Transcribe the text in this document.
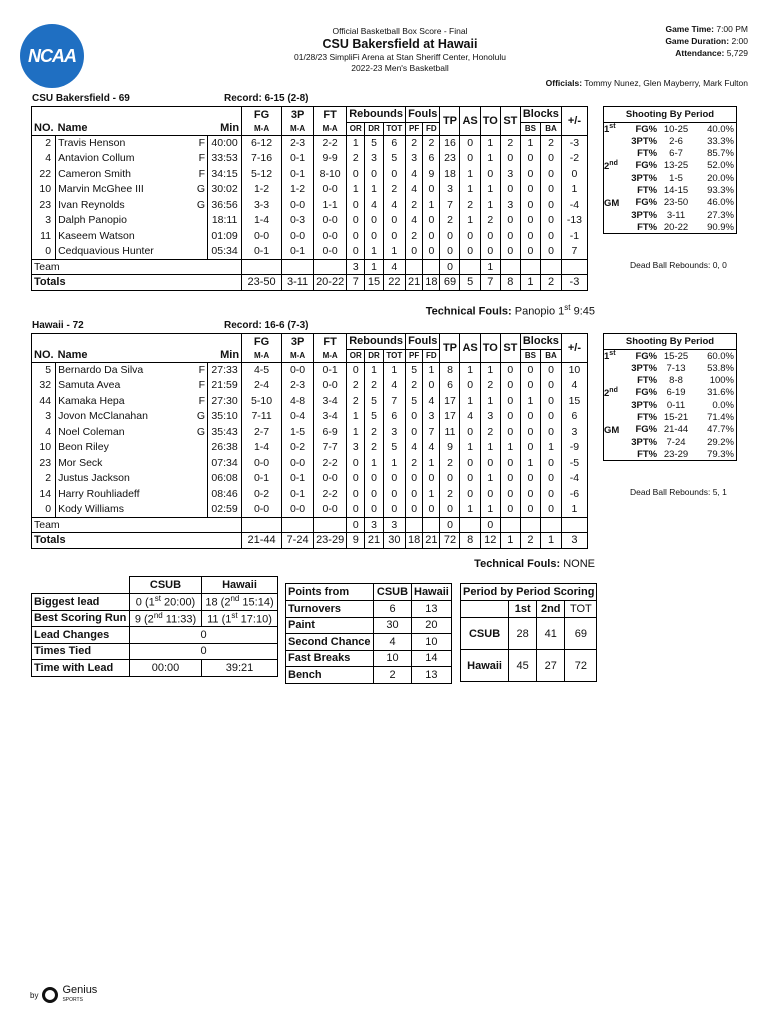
NCAA
Official Basketball Box Score - Final
CSU Bakersfield at Hawaii
01/28/23 SimpliFi Arena at Stan Sheriff Center, Honolulu
2022-23 Men's Basketball
Game Time: 7:00 PM
Game Duration: 2:00
Attendance: 5,729
Officials: Tommy Nunez, Glen Mayberry, Mark Fulton
CSU Bakersfield - 69	Record: 6-15 (2-8)
				FG	3P	FT	Rebounds			Fouls		TP	AS	TO	ST	Blocks		+/-
NO.	Name		Min	M-A	M-A	M-A	OR	DR	TOT	PF	FD					BS	BA	
2	Travis Henson	F	40:00	6-12	2-3	2-2	1	5	6	2	2	16	0	1	2	1	2	-3
4	Antavion Collum	F	33:53	7-16	0-1	9-9	2	3	5	3	6	23	0	1	0	0	0	-2
22	Cameron Smith	F	34:15	5-12	0-1	8-10	0	0	0	4	9	18	1	0	3	0	0	0
10	Marvin McGhee III	G	30:02	1-2	1-2	0-0	1	1	2	4	0	3	1	1	0	0	0	1
23	Ivan Reynolds	G	36:56	3-3	0-0	1-1	0	4	4	2	1	7	2	1	3	0	0	-4
3	Dalph Panopio		18:11	1-4	0-3	0-0	0	0	0	4	0	2	1	2	0	0	0	-13
11	Kaseem Watson		01:09	0-0	0-0	0-0	0	0	0	2	0	0	0	0	0	0	0	-1
0	Cedquavious Hunter		05:34	0-1	0-1	0-0	0	1	1	0	0	0	0	0	0	0	0	7
Team							3	1	4			0		1				
Totals				23-50	3-11	20-22	7	15	22	21	18	69	5	7	8	1	2	-3
Shooting By Period			
1st	FG%	10-25	40.0%
	3PT%	2-6	33.3%
	FT%	6-7	85.7%
2nd	FG%	13-25	52.0%
	3PT%	1-5	20.0%
	FT%	14-15	93.3%
GM	FG%	23-50	46.0%
	3PT%	3-11	27.3%
	FT%	20-22	90.9%
Dead Ball Rebounds: 0, 0
Technical Fouls: Panopio 1st 9:45
Hawaii - 72	Record: 16-6 (7-3)
				FG	3P	FT	Rebounds			Fouls		TP	AS	TO	ST	Blocks		+/-
NO.	Name		Min	M-A	M-A	M-A	OR	DR	TOT	PF	FD					BS	BA	
5	Bernardo Da Silva	F	27:33	4-5	0-0	0-1	0	1	1	5	1	8	1	1	0	0	0	10
32	Samuta Avea	F	21:59	2-4	2-3	0-0	2	2	4	2	0	6	0	2	0	0	0	4
44	Kamaka Hepa	F	27:30	5-10	4-8	3-4	2	5	7	5	4	17	1	1	0	1	0	15
3	Jovon McClanahan	G	35:10	7-11	0-4	3-4	1	5	6	0	3	17	4	3	0	0	0	6
4	Noel Coleman	G	35:43	2-7	1-5	6-9	1	2	3	0	7	11	0	2	0	0	0	3
10	Beon Riley		26:38	1-4	0-2	7-7	3	2	5	4	4	9	1	1	1	0	1	-9
23	Mor Seck		07:34	0-0	0-0	2-2	0	1	1	2	1	2	0	0	0	1	0	-5
2	Justus Jackson		06:08	0-1	0-1	0-0	0	0	0	0	0	0	0	1	0	0	0	-4
14	Harry Rouhliadeff		08:46	0-2	0-1	2-2	0	0	0	0	1	2	0	0	0	0	0	-6
0	Kody Williams		02:59	0-0	0-0	0-0	0	0	0	0	0	0	1	1	0	0	0	1
Team							0	3	3			0		0				
Totals				21-44	7-24	23-29	9	21	30	18	21	72	8	12	1	2	1	3
Shooting By Period			
1st	FG%	15-25	60.0%
	3PT%	7-13	53.8%
	FT%	8-8	100%
2nd	FG%	6-19	31.6%
	3PT%	0-11	0.0%
	FT%	15-21	71.4%
GM	FG%	21-44	47.7%
	3PT%	7-24	29.2%
	FT%	23-29	79.3%
Dead Ball Rebounds: 5, 1
Technical Fouls: NONE
	CSUB	Hawaii
Biggest lead	0 (1st 20:00)	18 (2nd 15:14)
Best Scoring Run	9 (2nd 11:33)	11 (1st 17:10)
Lead Changes	0	
Times Tied	0	
Time with Lead	00:00	39:21
Points from	CSUB	Hawaii
Turnovers	6	13
Paint	30	20
Second Chance	4	10
Fast Breaks	10	14
Bench	2	13
Period by Period Scoring			
	1st	2nd	TOT
CSUB	28	41	69
Hawaii	45	27	72
by Genius
SPORTS
